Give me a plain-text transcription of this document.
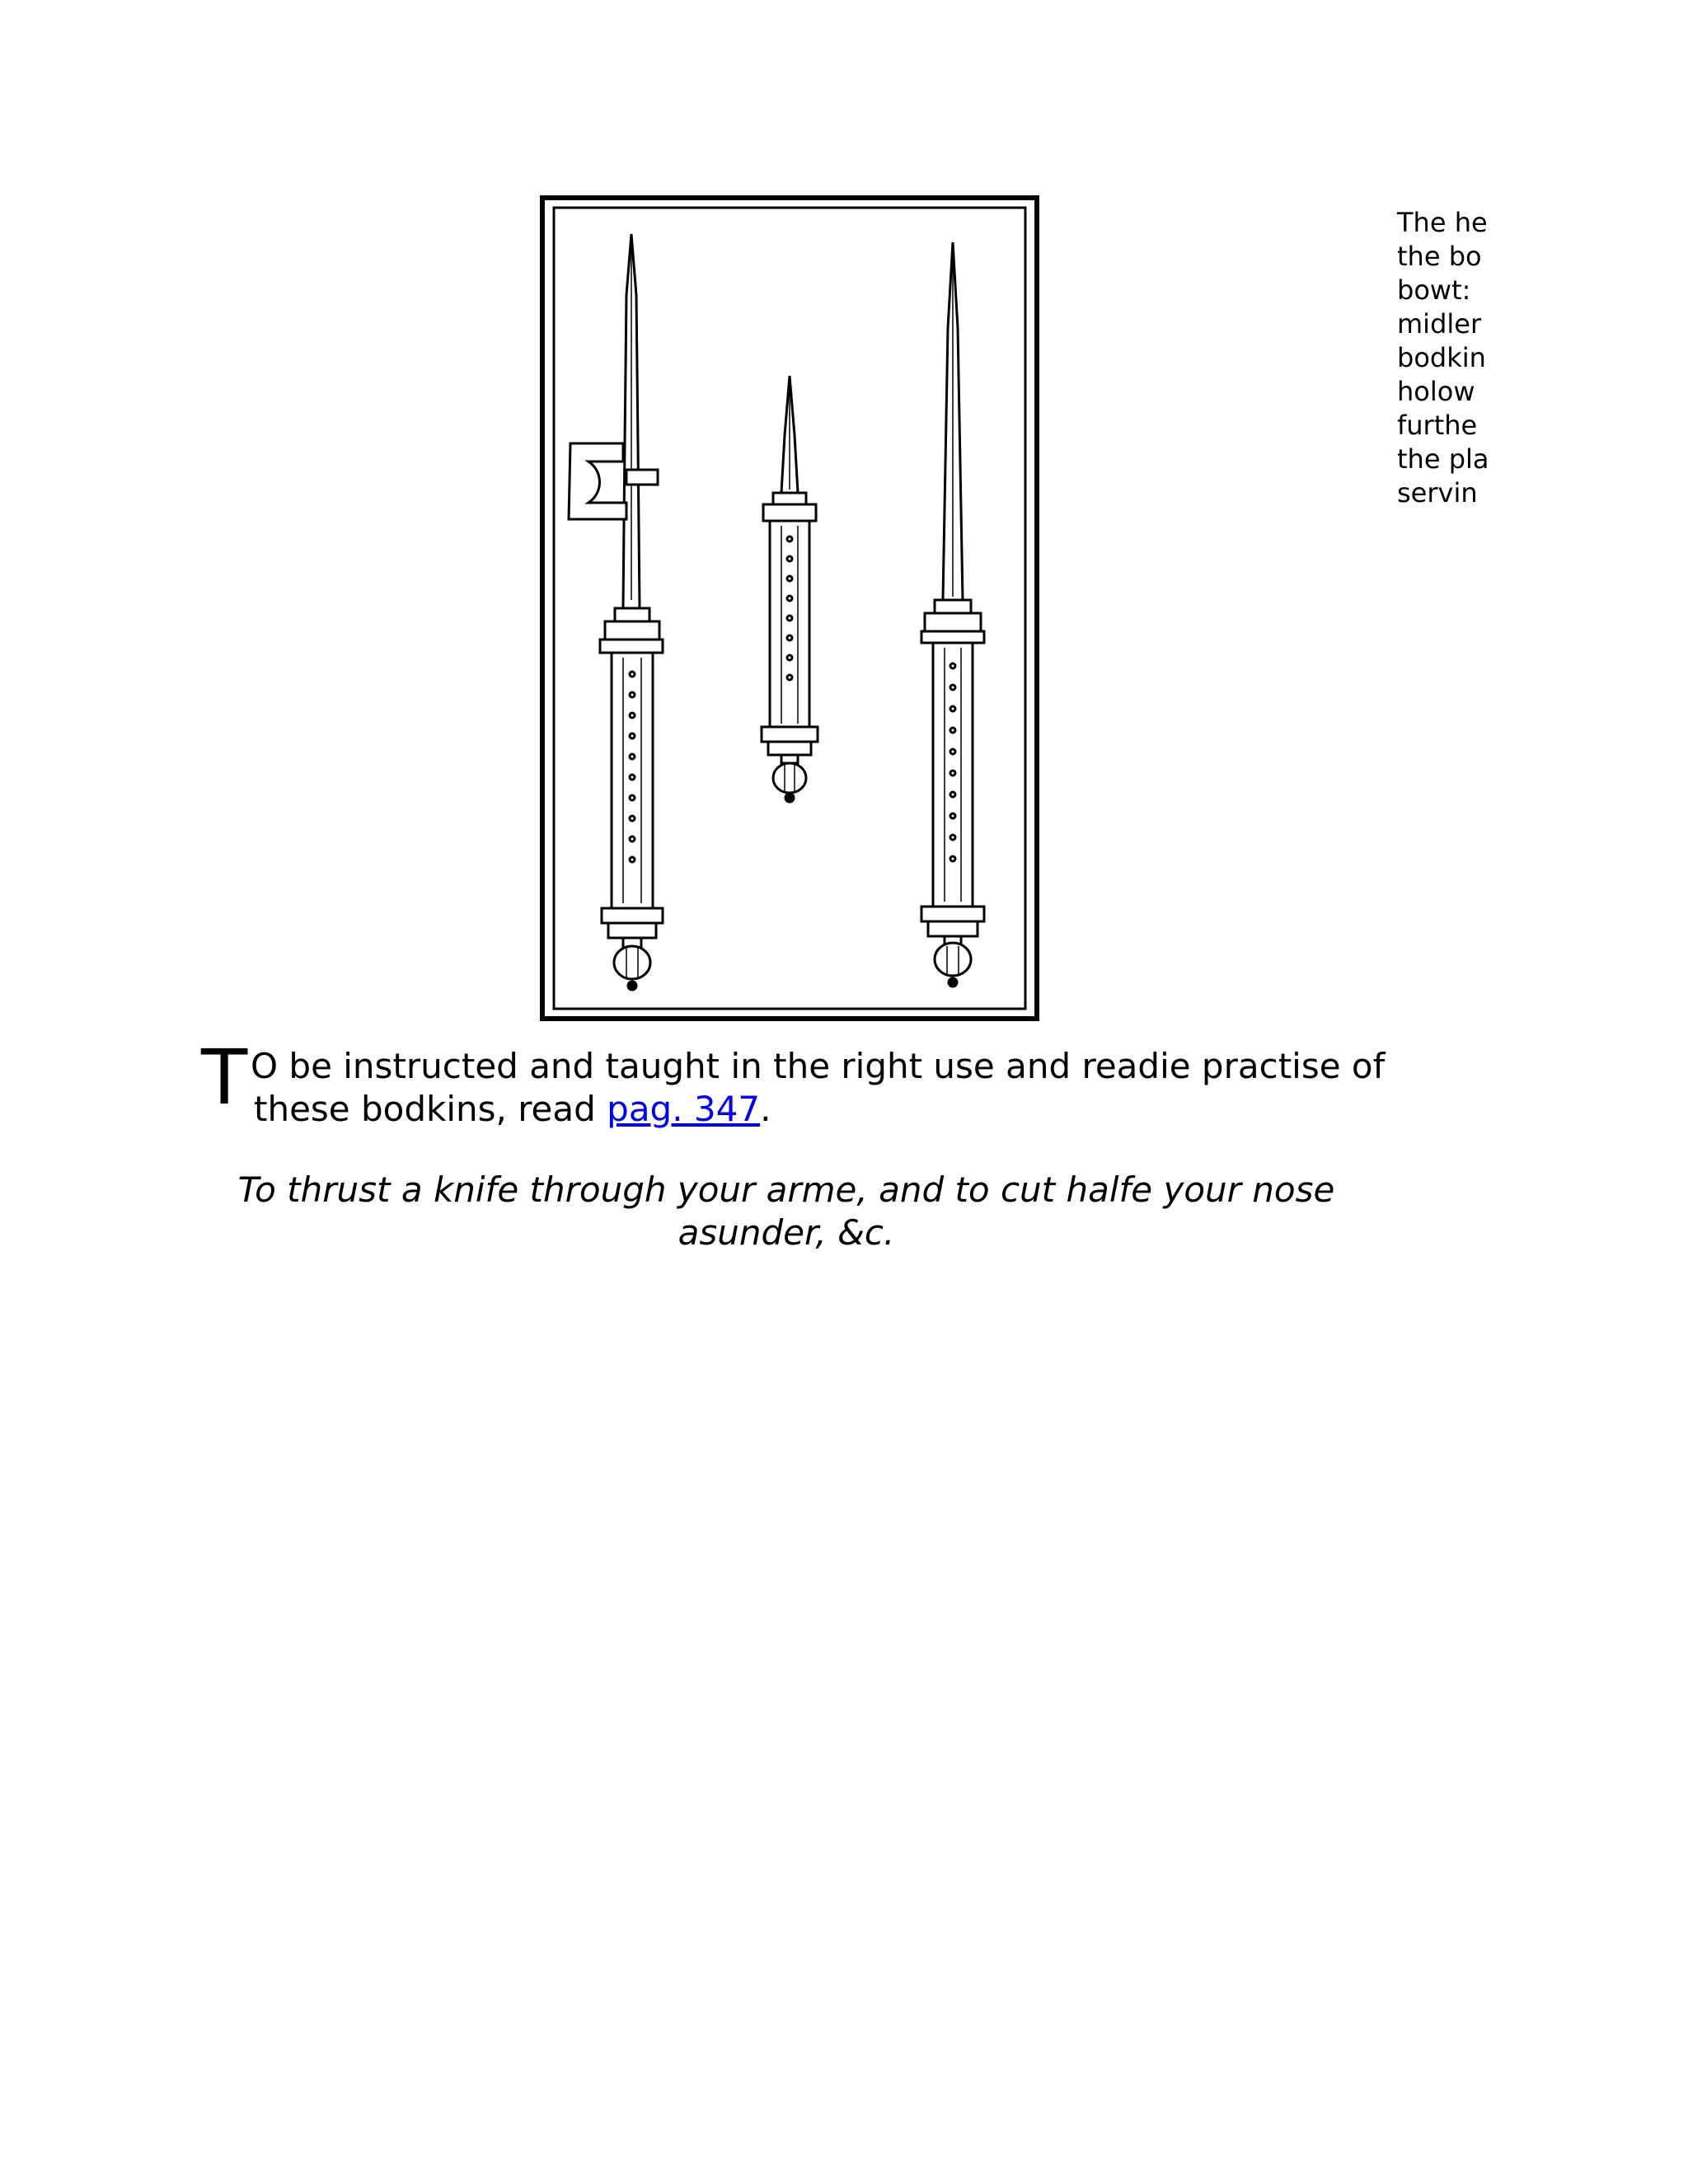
The he
the bo
bowt:
midler
bodkin
holow
furthe
the pla
servin
T O be instructed and taught in the right use and readie practise of
these bodkins, read pag. 347.
To thrust a knife through your arme, and to cut halfe your nose asunder, &c.
